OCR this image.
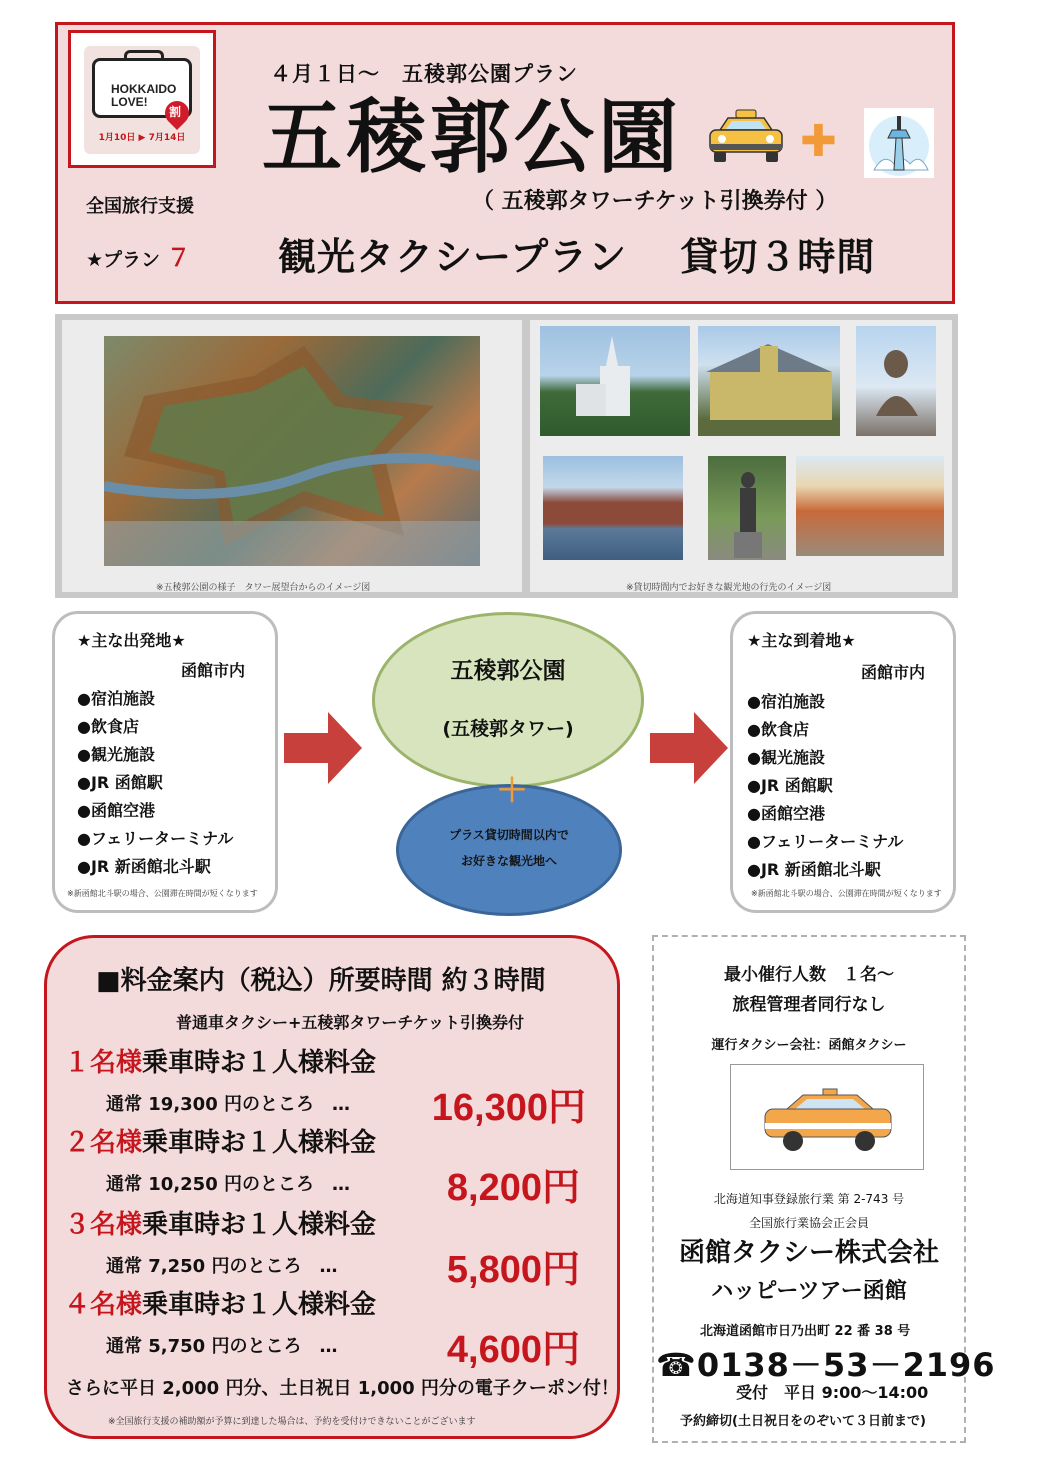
HOKKAIDO
LOVE!
割
1月10日 ▶ 7月14日
４月１日～　五稜郭公園プラン
五稜郭公園	✚
（ 五稜郭タワーチケット引換券付 ）
全国旅行支援
★プラン ７ 観光タクシープラン　 貸切３時間
※五稜郭公園の様子　タワー展望台からのイメージ図	※貸切時間内でお好きな観光地の行先のイメージ図
★主な出発地★
函館市内
●宿泊施設
●飲食店
●観光施設
●JR 函館駅
●函館空港
●フェリーターミナル
●JR 新函館北斗駅
※新函館北斗駅の場合、公園滞在時間が短くなります
五稜郭公園
(五稜郭タワー)
プラス貸切時間以内で
お好きな観光地へ
＋
★主な到着地★
函館市内
●宿泊施設
●飲食店
●観光施設
●JR 函館駅
●函館空港
●フェリーターミナル
●JR 新函館北斗駅
※新函館北斗駅の場合、公園滞在時間が短くなります
■料金案内（税込）所要時間 約３時間
普通車タクシー+五稜郭タワーチケット引換券付
１名様乗車時お１人様料金
通常 19,300 円のところ　…	16,300円
２名様乗車時お１人様料金
通常 10,250 円のところ　…	8,200円
３名様乗車時お１人様料金
通常 7,250 円のところ　…	5,800円
４名様乗車時お１人様料金
通常 5,750 円のところ　…	4,600円
さらに平日 2,000 円分、土日祝日 1,000 円分の電子クーポン付！
※全国旅行支援の補助額が予算に到達した場合は、予約を受付けできないことがございます
最小催行人数　１名～
旅程管理者同行なし
運行タクシー会社：函館タクシー
北海道知事登録旅行業 第 2-743 号
全国旅行業協会正会員
函館タクシー株式会社
ハッピーツアー函館
北海道函館市日乃出町 22 番 38 号
☎0138－53－2196
受付　平日 9:00～14:00
予約締切(土日祝日をのぞいて３日前まで)
